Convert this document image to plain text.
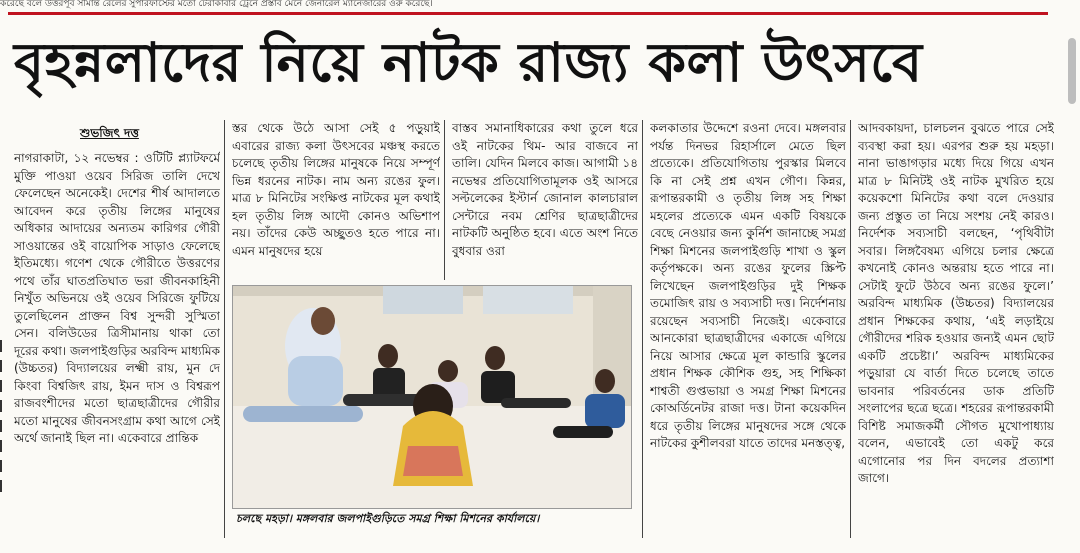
করেছে বলে উত্তরপূর্ব সীমান্ত রেলের সুপারফাস্টের মতো টেরাকাবার ট্রেনে প্রস্তাব মেনে জেনারেল ম্যানেজারের ওরু করেছে।
বৃহন্নলাদের নিয়ে নাটক রাজ্য কলা উৎসবে
শুভজিৎ দত্ত

নাগরাকাটা, ১২ নভেম্বর : ওটিটি প্ল্যাটফর্মে মুক্তি পাওয়া ওয়েব সিরিজ তালি দেখে ফেলেছেন অনেকেই। দেশের শীর্ষ আদালতে আবেদন করে তৃতীয় লিঙ্গের মানুষের অধিকার আদায়ের অন্যতম কারিগর গৌরী সাওয়ান্তের ওই বায়োপিক সাড়াও ফেলেছে ইতিমধ্যে। গণেশ থেকে গৌরীতে উত্তরণের পথে তাঁর ঘাতপ্রতিঘাত ভরা জীবনকাহিনী নিখুঁত অভিনয়ে ওই ওয়েব সিরিজে ফুটিয়ে তুলেছিলেন প্রাক্তন বিশ্ব সুন্দরী সুস্মিতা সেন। বলিউডের ত্রিসীমানায় থাকা তো দূরের কথা। জলপাইগুড়ির অরবিন্দ মাধ্যমিক (উচ্চতর) বিদ্যালয়ের লক্ষ্মী রায়, মুন দে কিংবা বিশ্বজিৎ রায়, ইমন দাস ও বিশ্বরূপ রাজবংশীদের মতো ছাত্রছাত্রীদের গৌরীর মতো মানুষের জীবনসংগ্রাম কথা আগে সেই অর্থে জানাই ছিল না। একেবারে প্রান্তিক

স্তর থেকে উঠে আসা সেই ৫ পড়ুয়াই এবারের রাজ্য কলা উৎসবের মঞ্চস্থ করতে চলেছে তৃতীয় লিঙ্গের মানুষকে নিয়ে সম্পূর্ণ ভিন্ন ধরনের নাটক। নাম অন্য রঙের ফুল। মাত্র ৮ মিনিটের সংক্ষিপ্ত নাটকের মূল কথাই হল তৃতীয় লিঙ্গ আদৌ কোনও অভিশাপ নয়। তাঁদের কেউ অচ্ছুতও হতে পারে না। এমন মানুষদের হয়ে

বাস্তব সমানাধিকারের কথা তুলে ধরে ওই নাটকের থিম- আর বাজবে না তালি। যেদিন মিলবে কাজ। আগামী ১৪ নভেম্বর প্রতিযোগিতামূলক ওই আসরে সল্টলেকের ইস্টার্ন জোনাল কালচারাল সেন্টারে নবম শ্রেণির ছাত্রছাত্রীদের নাটকটি অনুষ্ঠিত হবে। এতে অংশ নিতে বুধবার ওরা

কলকাতার উদ্দেশে রওনা দেবে। মঙ্গলবার পর্যন্ত দিনভর রিহার্সালে মেতে ছিল প্রত্যেকে। প্রতিযোগিতায় পুরস্কার মিলবে কি না সেই প্রশ্ন এখন গৌণ। কিন্নর, রূপান্তরকামী ও তৃতীয় লিঙ্গ সহ শিক্ষা মহলের প্রত্যেকে এমন একটি বিষয়কে বেছে নেওয়ার জন্য কুর্নিশ জানাচ্ছে সমগ্র শিক্ষা মিশনের জলপাইগুড়ি শাখা ও স্কুল কর্তৃপক্ষকে। অন্য রঙের ফুলের স্ক্রিপ্ট লিখেছেন জলপাইগুড়ির দুই শিক্ষক তমোজিৎ রায় ও সব্যসাচী দত্ত। নির্দেশনায় রয়েছেন সব্যসাচী নিজেই। একেবারে আনকোরা ছাত্রছাত্রীদের একাজে এগিয়ে নিয়ে আসার ক্ষেত্রে মূল কান্ডারি স্কুলের প্রধান শিক্ষক কৌশিক গুহ, সহ শিক্ষিকা শাশ্বতী গুপ্তভায়া ও সমগ্র শিক্ষা মিশনের কোঅর্ডিনেটর রাজা দত্ত। টানা কয়েকদিন ধরে তৃতীয় লিঙ্গের মানুষদের সঙ্গে থেকে নাটকের কুশীলবরা যাতে তাদের মনস্তত্ত্ব,

আদবকায়দা, চালচলন বুঝতে পারে সেই ব্যবস্থা করা হয়। এরপর শুরু হয় মহড়া। নানা ভাঙাগড়ার মধ্যে দিয়ে গিয়ে এখন মাত্র ৮ মিনিটই ওই নাটক মুখরিত হয়ে কয়েকশো মিনিটের কথা বলে দেওয়ার জন্য প্রস্তুত তা নিয়ে সংশয় নেই কারও। নির্দেশক সব্যসাচী বলছেন, ‘পৃথিবীটা সবার। লিঙ্গবৈষম্য এগিয়ে চলার ক্ষেত্রে কখনোই কোনও অন্তরায় হতে পারে না। সেটাই ফুটে উঠবে অন্য রঙের ফুলে।’ অরবিন্দ মাধ্যমিক (উচ্চতর) বিদ্যালয়ের প্রধান শিক্ষকের কথায়, ‘এই লড়াইয়ে গৌরীদের শরিক হওয়ার জন্যই এমন ছোট একটি প্রচেষ্টা।’ অরবিন্দ মাধ্যমিকের পড়ুয়ারা যে বার্তা দিতে চলেছে তাতে ভাবনার পরিবর্তনের ডাক প্রতিটি সংলাপের ছত্রে ছত্রে। শহরের রূপান্তরকামী বিশিষ্ট সমাজকর্মী সৌগত মুখোপাধ্যায় বলেন, এভাবেই তো একটু করে এগোনোর পর দিন বদলের প্রত্যাশা জাগে।

চলছে মহড়া। মঙ্গলবার জলপাইগুড়িতে সমগ্র শিক্ষা মিশনের কার্যালয়ে।
